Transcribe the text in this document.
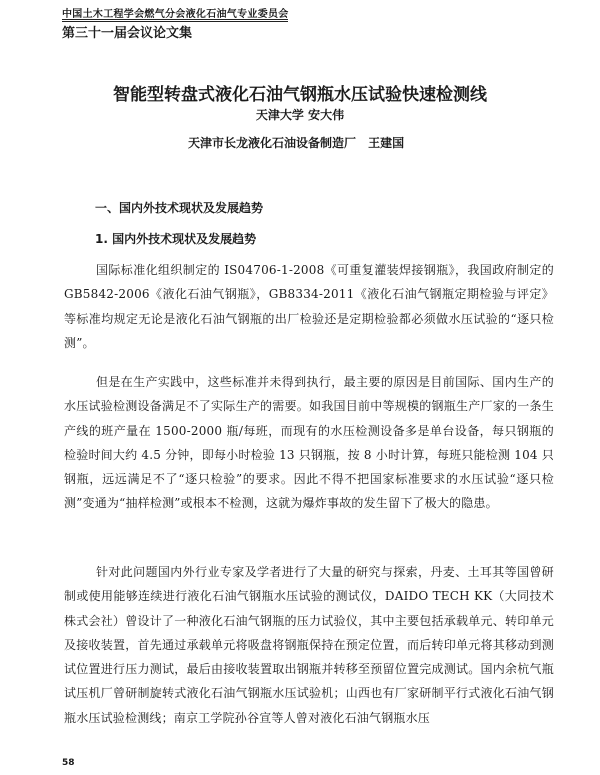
中国土木工程学会燃气分会液化石油气专业委员会
第三十一届会议论文集
智能型转盘式液化石油气钢瓶水压试验快速检测线
天津大学 安大伟
天津市长龙液化石油设备制造厂 王建国
一、国内外技术现状及发展趋势
1. 国内外技术现状及发展趋势
国际标准化组织制定的 IS04706-1-2008《可重复灌装焊接钢瓶》，我国政府制定的 GB5842-2006《液化石油气钢瓶》，GB8334-2011《液化石油气钢瓶定期检验与评定》等标准均规定无论是液化石油气钢瓶的出厂检验还是定期检验都必须做水压试验的“逐只检测”。
但是在生产实践中，这些标准并未得到执行，最主要的原因是目前国际、国内生产的水压试验检测设备满足不了实际生产的需要。如我国目前中等规模的钢瓶生产厂家的一条生产线的班产量在 1500-2000 瓶/每班，而现有的水压检测设备多是单台设备，每只钢瓶的检验时间大约 4.5 分钟，即每小时检验 13 只钢瓶，按 8 小时计算，每班只能检测 104 只钢瓶，远远满足不了“逐只检验”的要求。因此不得不把国家标准要求的水压试验“逐只检测”变通为“抽样检测”或根本不检测，这就为爆炸事故的发生留下了极大的隐患。
针对此问题国内外行业专家及学者进行了大量的研究与探索，丹麦、土耳其等国曾研制或使用能够连续进行液化石油气钢瓶水压试验的测试仪，DAIDO TECH KK（大同技术株式会社）曾设计了一种液化石油气钢瓶的压力试验仪，其中主要包括承载单元、转印单元及接收装置，首先通过承载单元将吸盘将钢瓶保持在预定位置，而后转印单元将其移动到测试位置进行压力测试，最后由接收装置取出钢瓶并转移至预留位置完成测试。国内余杭气瓶试压机厂曾研制旋转式液化石油气钢瓶水压试验机；山西也有厂家研制平行式液化石油气钢瓶水压试验检测线；南京工学院孙谷宣等人曾对液化石油气钢瓶水压
58
